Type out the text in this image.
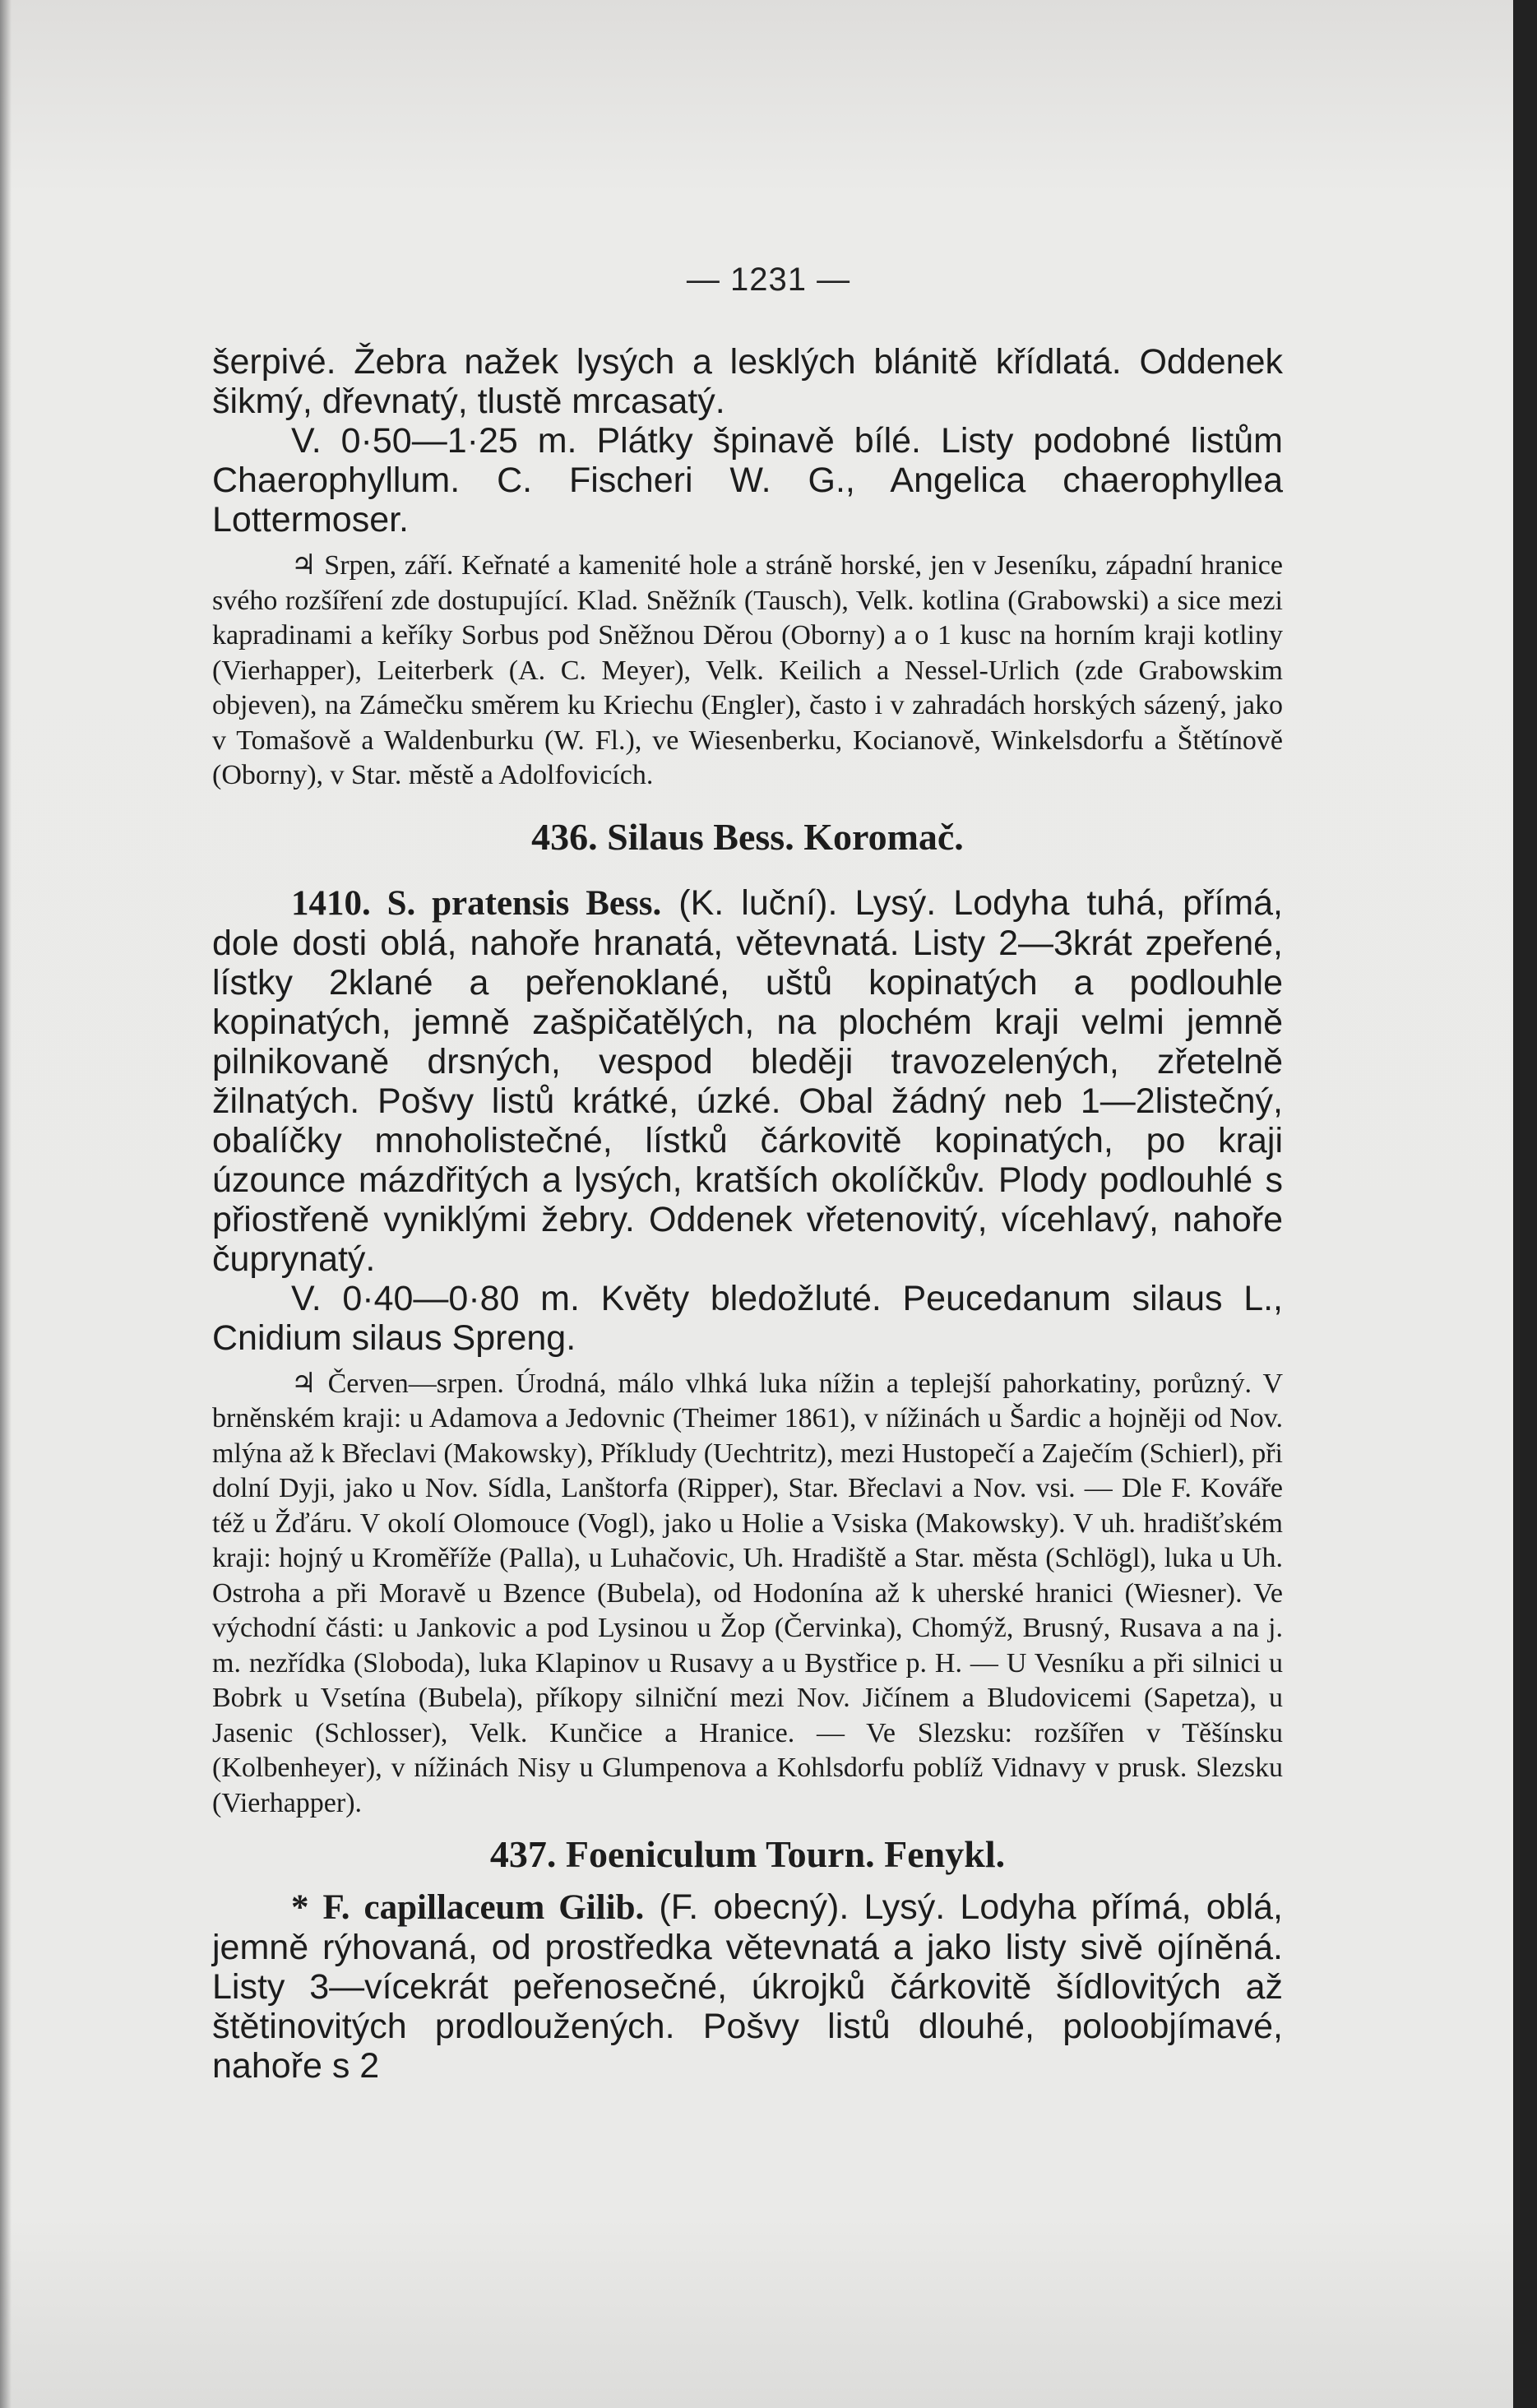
— 1231 —

šerpivé. Žebra nažek lysých a lesklých blánitě křídlatá. Oddenek šikmý, dřevnatý, tlustě mrcasatý.

V. 0·50—1·25 m. Plátky špinavě bílé. Listy podobné listům Chaerophyllum. C. Fischeri W. G., Angelica chaerophyllea Lottermoser.

♃ Srpen, září. Keřnaté a kamenité hole a stráně horské, jen v Jeseníku, západní hranice svého rozšíření zde dostupující. Klad. Sněžník (Tausch), Velk. kotlina (Grabowski) a sice mezi kapradinami a keříky Sorbus pod Sněžnou Děrou (Oborny) a o 1 kusc na horním kraji kotliny (Vierhapper), Leiterberk (A. C. Meyer), Velk. Keilich a Nessel-Urlich (zde Grabowskim objeven), na Zámečku směrem ku Kriechu (Engler), často i v zahradách horských sázený, jako v Tomašově a Waldenburku (W. Fl.), ve Wiesenberku, Kocianově, Winkelsdorfu a Štětínově (Oborny), v Star. městě a Adolfovicích.

436. Silaus Bess. Koromač.

1410. S. pratensis Bess. (K. luční). Lysý. Lodyha tuhá, přímá, dole dosti oblá, nahoře hranatá, větevnatá. Listy 2—3krát zpeřené, lístky 2klané a peřenoklané, uštů kopinatých a podlouhle kopinatých, jemně zašpičatělých, na plochém kraji velmi jemně pilnikovaně drsných, vespod bleději travozelených, zřetelně žilnatých. Pošvy listů krátké, úzké. Obal žádný neb 1—2listečný, obalíčky mnoholistečné, lístků čárkovitě kopinatých, po kraji úzounce mázdřitých a lysých, kratších okolíčkův. Plody podlouhlé s přiostřeně vyniklými žebry. Oddenek vřetenovitý, vícehlavý, nahoře čuprynatý.

V. 0·40—0·80 m. Květy bledožluté. Peucedanum silaus L., Cnidium silaus Spreng.

♃ Červen—srpen. Úrodná, málo vlhká luka nížin a teplejší pahorkatiny, porůzný. V brněnském kraji: u Adamova a Jedovnic (Theimer 1861), v nížinách u Šardic a hojněji od Nov. mlýna až k Břeclavi (Makowsky), Příkludy (Uechtritz), mezi Hustopečí a Zaječím (Schierl), při dolní Dyji, jako u Nov. Sídla, Lanštorfa (Ripper), Star. Břeclavi a Nov. vsi. — Dle F. Kováře též u Žďáru. V okolí Olomouce (Vogl), jako u Holie a Vsiska (Makowsky). V uh. hradišťském kraji: hojný u Kroměříže (Palla), u Luhačovic, Uh. Hradiště a Star. města (Schlögl), luka u Uh. Ostroha a při Moravě u Bzence (Bubela), od Hodonína až k uherské hranici (Wiesner). Ve východní části: u Jankovic a pod Lysinou u Žop (Červinka), Chomýž, Brusný, Rusava a na j. m. nezřídka (Sloboda), luka Klapinov u Rusavy a u Bystřice p. H. — U Vesníku a při silnici u Bobrk u Vsetína (Bubela), příkopy silniční mezi Nov. Jičínem a Bludovicemi (Sapetza), u Jasenic (Schlosser), Velk. Kunčice a Hranice. — Ve Slezsku: rozšířen v Těšínsku (Kolbenheyer), v nížinách Nisy u Glumpenova a Kohlsdorfu poblíž Vidnavy v prusk. Slezsku (Vierhapper).

437. Foeniculum Tourn. Fenykl.

* F. capillaceum Gilib. (F. obecný). Lysý. Lodyha přímá, oblá, jemně rýhovaná, od prostředka větevnatá a jako listy sivě ojíněná. Listy 3—vícekrát peřenosečné, úkrojků čárkovitě šídlovitých až štětinovitých prodloužených. Pošvy listů dlouhé, poloobjímavé, nahoře s 2
